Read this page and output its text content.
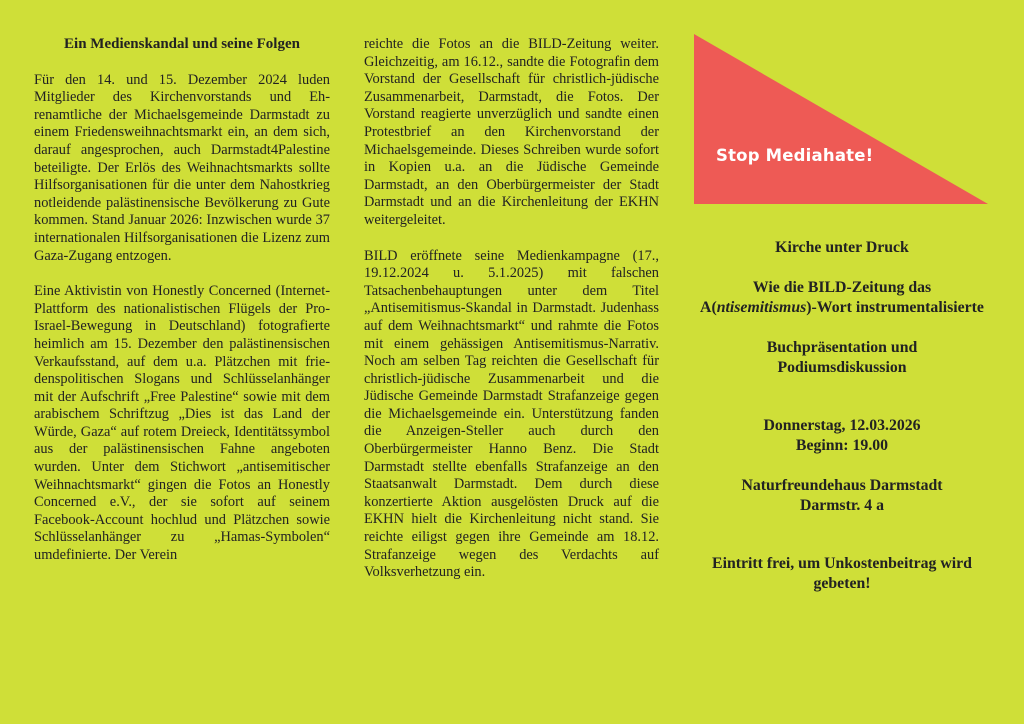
Ein Medienskandal und seine Folgen

Für den 14. und 15. Dezember 2024 luden Mitglieder des Kirchenvorstands und Ehrenamtliche der Michaelsgemeinde Darmstadt zu einem Friedensweihnachtsmarkt ein, an dem sich, darauf angesprochen, auch Darmstadt4Palestine beteiligte. Der Erlös des Weihnachtsmarkts sollte Hilfsorganisationen für die unter dem Nahostkrieg notleidende palästinensische Bevölkerung zu Gute kommen. Stand Januar 2026: Inzwischen wurde 37 internationalen Hilfsorganisationen die Lizenz zum Gaza-Zugang entzogen.

Eine Aktivistin von Honestly Concerned (Internet-Plattform des nationalistischen Flügels der Pro-Israel-Bewegung in Deutschland) fotografierte heimlich am 15. Dezember den palästinensischen Verkaufsstand, auf dem u.a. Plätzchen mit friedenspolitischen Slogans und Schlüsselanhänger mit der Aufschrift „Free Palestine“ sowie mit dem arabischem Schriftzug „Dies ist das Land der Würde, Gaza“ auf rotem Dreieck, Identitätssymbol aus der palästinensischen Fahne angeboten wurden. Unter dem Stichwort „antisemitischer Weihnachtsmarkt“ gingen die Fotos an Honestly Concerned e.V., der sie sofort auf seinem Facebook-Account hochlud und Plätzchen sowie Schlüsselanhänger zu „Hamas-Symbolen“ umdefinierte. Der Verein

reichte die Fotos an die BILD-Zeitung weiter. Gleichzeitig, am 16.12., sandte die Fotografin dem Vorstand der Gesellschaft für christlich-jüdische Zusammenarbeit, Darmstadt, die Fotos. Der Vorstand reagierte unverzüglich und sandte einen Protestbrief an den Kirchenvorstand der Michaelsgemeinde. Dieses Schreiben wurde sofort in Kopien u.a. an die Jüdische Gemeinde Darmstadt, an den Oberbürgermeister der Stadt Darmstadt und an die Kirchenleitung der EKHN weitergeleitet.

BILD eröffnete seine Medienkampagne (17., 19.12.2024 u. 5.1.2025) mit falschen Tatsachenbehauptungen unter dem Titel „Antisemitismus-Skandal in Darmstadt. Judenhass auf dem Weihnachtsmarkt“ und rahmte die Fotos mit einem gehässigen Antisemitismus-Narrativ. Noch am selben Tag reichten die Gesellschaft für christlich-jüdische Zusammenarbeit und die Jüdische Gemeinde Darmstadt Strafanzeige gegen die Michaelsgemeinde ein. Unterstützung fanden die Anzeigen-Steller auch durch den Oberbürgermeister Hanno Benz. Die Stadt Darmstadt stellte ebenfalls Strafanzeige an den Staatsanwalt Darmstadt. Dem durch diese konzertierte Aktion ausgelösten Druck auf die EKHN hielt die Kirchenleitung nicht stand. Sie reichte eiligst gegen ihre Gemeinde am 18.12. Strafanzeige wegen des Verdachts auf Volksverhetzung ein.

Stop Mediahate!

Kirche unter Druck

Wie die BILD-Zeitung das A(ntisemitismus)-Wort instrumentalisierte

Buchpräsentation und Podiumsdiskussion

Donnerstag, 12.03.2026

Beginn: 19.00

Naturfreundehaus Darmstadt

Darmstr. 4 a

Eintritt frei, um Unkostenbeitrag wird gebeten!
